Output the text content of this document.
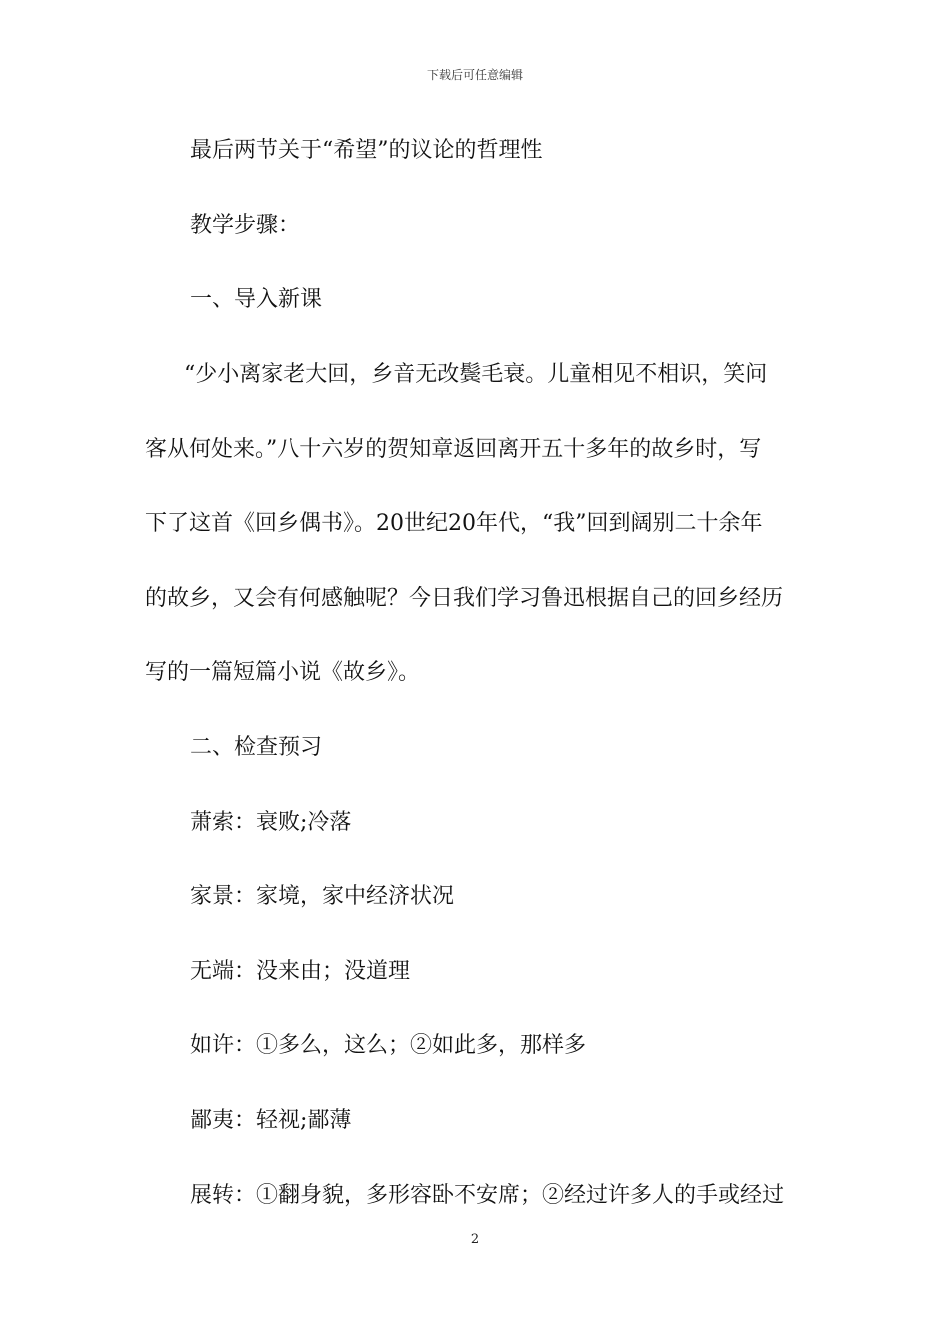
下载后可任意编辑
最后两节关于“希望”的议论的哲理性
教学步骤：
一、导入新课
“少小离家老大回，乡音无改鬓毛衰。儿童相见不相识，笑问
客从何处来。”八十六岁的贺知章返回离开五十多年的故乡时，写
下了这首《回乡偶书》。20世纪20年代，“我”回到阔别二十余年
的故乡，又会有何感触呢？今日我们学习鲁迅根据自己的回乡经历
写的一篇短篇小说《故乡》。
二、检查预习
萧索：衰败;冷落
家景：家境，家中经济状况
无端：没来由；没道理
如许：①多么，这么；②如此多，那样多
鄙夷：轻视;鄙薄
展转：①翻身貌，多形容卧不安席；②经过许多人的手或经过
2
